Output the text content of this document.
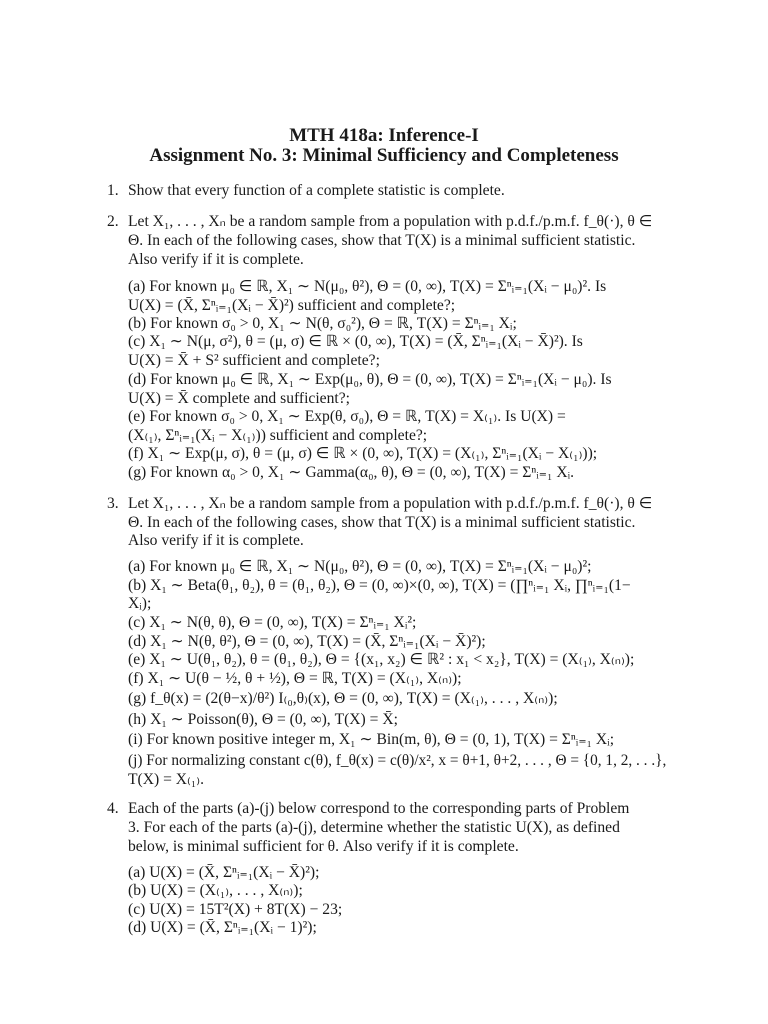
MTH 418a: Inference-I
Assignment No. 3: Minimal Sufficiency and Completeness
1. Show that every function of a complete statistic is complete.
2. Let X₁, . . . , Xₙ be a random sample from a population with p.d.f./p.m.f. f_θ(·), θ ∈
Θ. In each of the following cases, show that T(X) is a minimal sufficient statistic.
Also verify if it is complete.
(a) For known μ₀ ∈ ℝ, X₁ ∼ N(μ₀, θ²), Θ = (0, ∞), T(X) = Σⁿᵢ₌₁(Xᵢ − μ₀)². Is
U(X) = (X̄, Σⁿᵢ₌₁(Xᵢ − X̄)²) sufficient and complete?;
(b) For known σ₀ > 0, X₁ ∼ N(θ, σ₀²), Θ = ℝ, T(X) = Σⁿᵢ₌₁ Xᵢ;
(c) X₁ ∼ N(μ, σ²), θ = (μ, σ) ∈ ℝ × (0, ∞), T(X) = (X̄, Σⁿᵢ₌₁(Xᵢ − X̄)²). Is
U(X) = X̄ + S² sufficient and complete?;
(d) For known μ₀ ∈ ℝ, X₁ ∼ Exp(μ₀, θ), Θ = (0, ∞), T(X) = Σⁿᵢ₌₁(Xᵢ − μ₀). Is
U(X) = X̄ complete and sufficient?;
(e) For known σ₀ > 0, X₁ ∼ Exp(θ, σ₀), Θ = ℝ, T(X) = X₍₁₎. Is U(X) =
(X₍₁₎, Σⁿᵢ₌₁(Xᵢ − X₍₁₎)) sufficient and complete?;
(f) X₁ ∼ Exp(μ, σ), θ = (μ, σ) ∈ ℝ × (0, ∞), T(X) = (X₍₁₎, Σⁿᵢ₌₁(Xᵢ − X₍₁₎));
(g) For known α₀ > 0, X₁ ∼ Gamma(α₀, θ), Θ = (0, ∞), T(X) = Σⁿᵢ₌₁ Xᵢ.
3. Let X₁, . . . , Xₙ be a random sample from a population with p.d.f./p.m.f. f_θ(·), θ ∈
Θ. In each of the following cases, show that T(X) is a minimal sufficient statistic.
Also verify if it is complete.
(a) For known μ₀ ∈ ℝ, X₁ ∼ N(μ₀, θ²), Θ = (0, ∞), T(X) = Σⁿᵢ₌₁(Xᵢ − μ₀)²;
(b) X₁ ∼ Beta(θ₁, θ₂), θ = (θ₁, θ₂), Θ = (0, ∞)×(0, ∞), T(X) = (∏ⁿᵢ₌₁ Xᵢ, ∏ⁿᵢ₌₁(1−
Xᵢ);
(c) X₁ ∼ N(θ, θ), Θ = (0, ∞), T(X) = Σⁿᵢ₌₁ Xᵢ²;
(d) X₁ ∼ N(θ, θ²), Θ = (0, ∞), T(X) = (X̄, Σⁿᵢ₌₁(Xᵢ − X̄)²);
(e) X₁ ∼ U(θ₁, θ₂), θ = (θ₁, θ₂), Θ = {(x₁, x₂) ∈ ℝ² : x₁ < x₂}, T(X) = (X₍₁₎, X₍ₙ₎);
(f) X₁ ∼ U(θ − ½, θ + ½), Θ = ℝ, T(X) = (X₍₁₎, X₍ₙ₎);
(g) f_θ(x) = (2(θ−x)/θ²) I₍₀,θ₎(x), Θ = (0, ∞), T(X) = (X₍₁₎, . . . , X₍ₙ₎);
(h) X₁ ∼ Poisson(θ), Θ = (0, ∞), T(X) = X̄;
(i) For known positive integer m, X₁ ∼ Bin(m, θ), Θ = (0, 1), T(X) = Σⁿᵢ₌₁ Xᵢ;
(j) For normalizing constant c(θ), f_θ(x) = c(θ)/x², x = θ+1, θ+2, . . . , Θ = {0, 1, 2, . . .},
T(X) = X₍₁₎.
4. Each of the parts (a)-(j) below correspond to the corresponding parts of Problem
3. For each of the parts (a)-(j), determine whether the statistic U(X), as defined
below, is minimal sufficient for θ. Also verify if it is complete.
(a) U(X) = (X̄, Σⁿᵢ₌₁(Xᵢ − X̄)²);
(b) U(X) = (X₍₁₎, . . . , X₍ₙ₎);
(c) U(X) = 15T²(X) + 8T(X) − 23;
(d) U(X) = (X̄, Σⁿᵢ₌₁(Xᵢ − 1)²);
